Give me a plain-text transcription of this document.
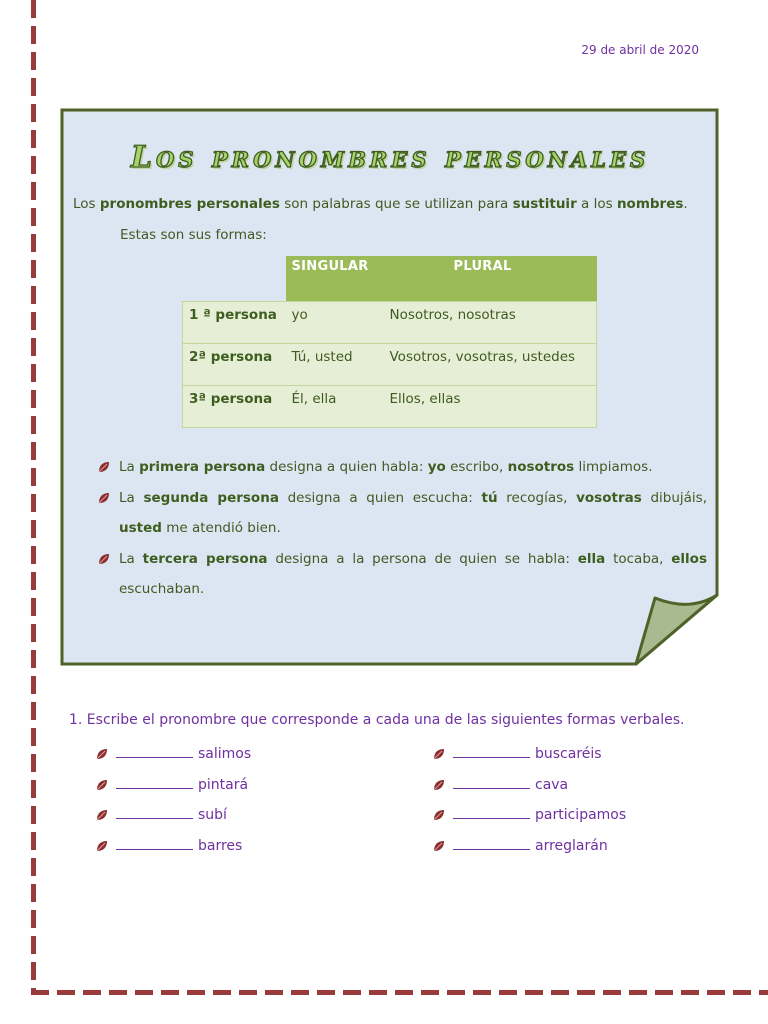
29 de abril de 2020
Los pronombres personales

Los pronombres personales son palabras que se utilizan para sustituir a los nombres.

Estas son sus formas:
	SINGULAR	PLURAL
1 ª persona	yo	Nosotros, nosotras
2ª persona	Tú, usted	Vosotros, vosotras, ustedes
3ª persona	Él, ella	Ellos, ellas
La primera persona designa a quien habla: yo escribo, nosotros limpiamos.
La segunda persona designa a quien escucha: tú recogías, vosotras dibujáis, usted me atendió bien.
La tercera persona designa a la persona de quien se habla: ella tocaba, ellos escuchaban.
1. Escribe el pronombre que corresponde a cada una de las siguientes formas verbales.
salimos
pintará
subí
barres
buscaréis
cava
participamos
arreglarán
